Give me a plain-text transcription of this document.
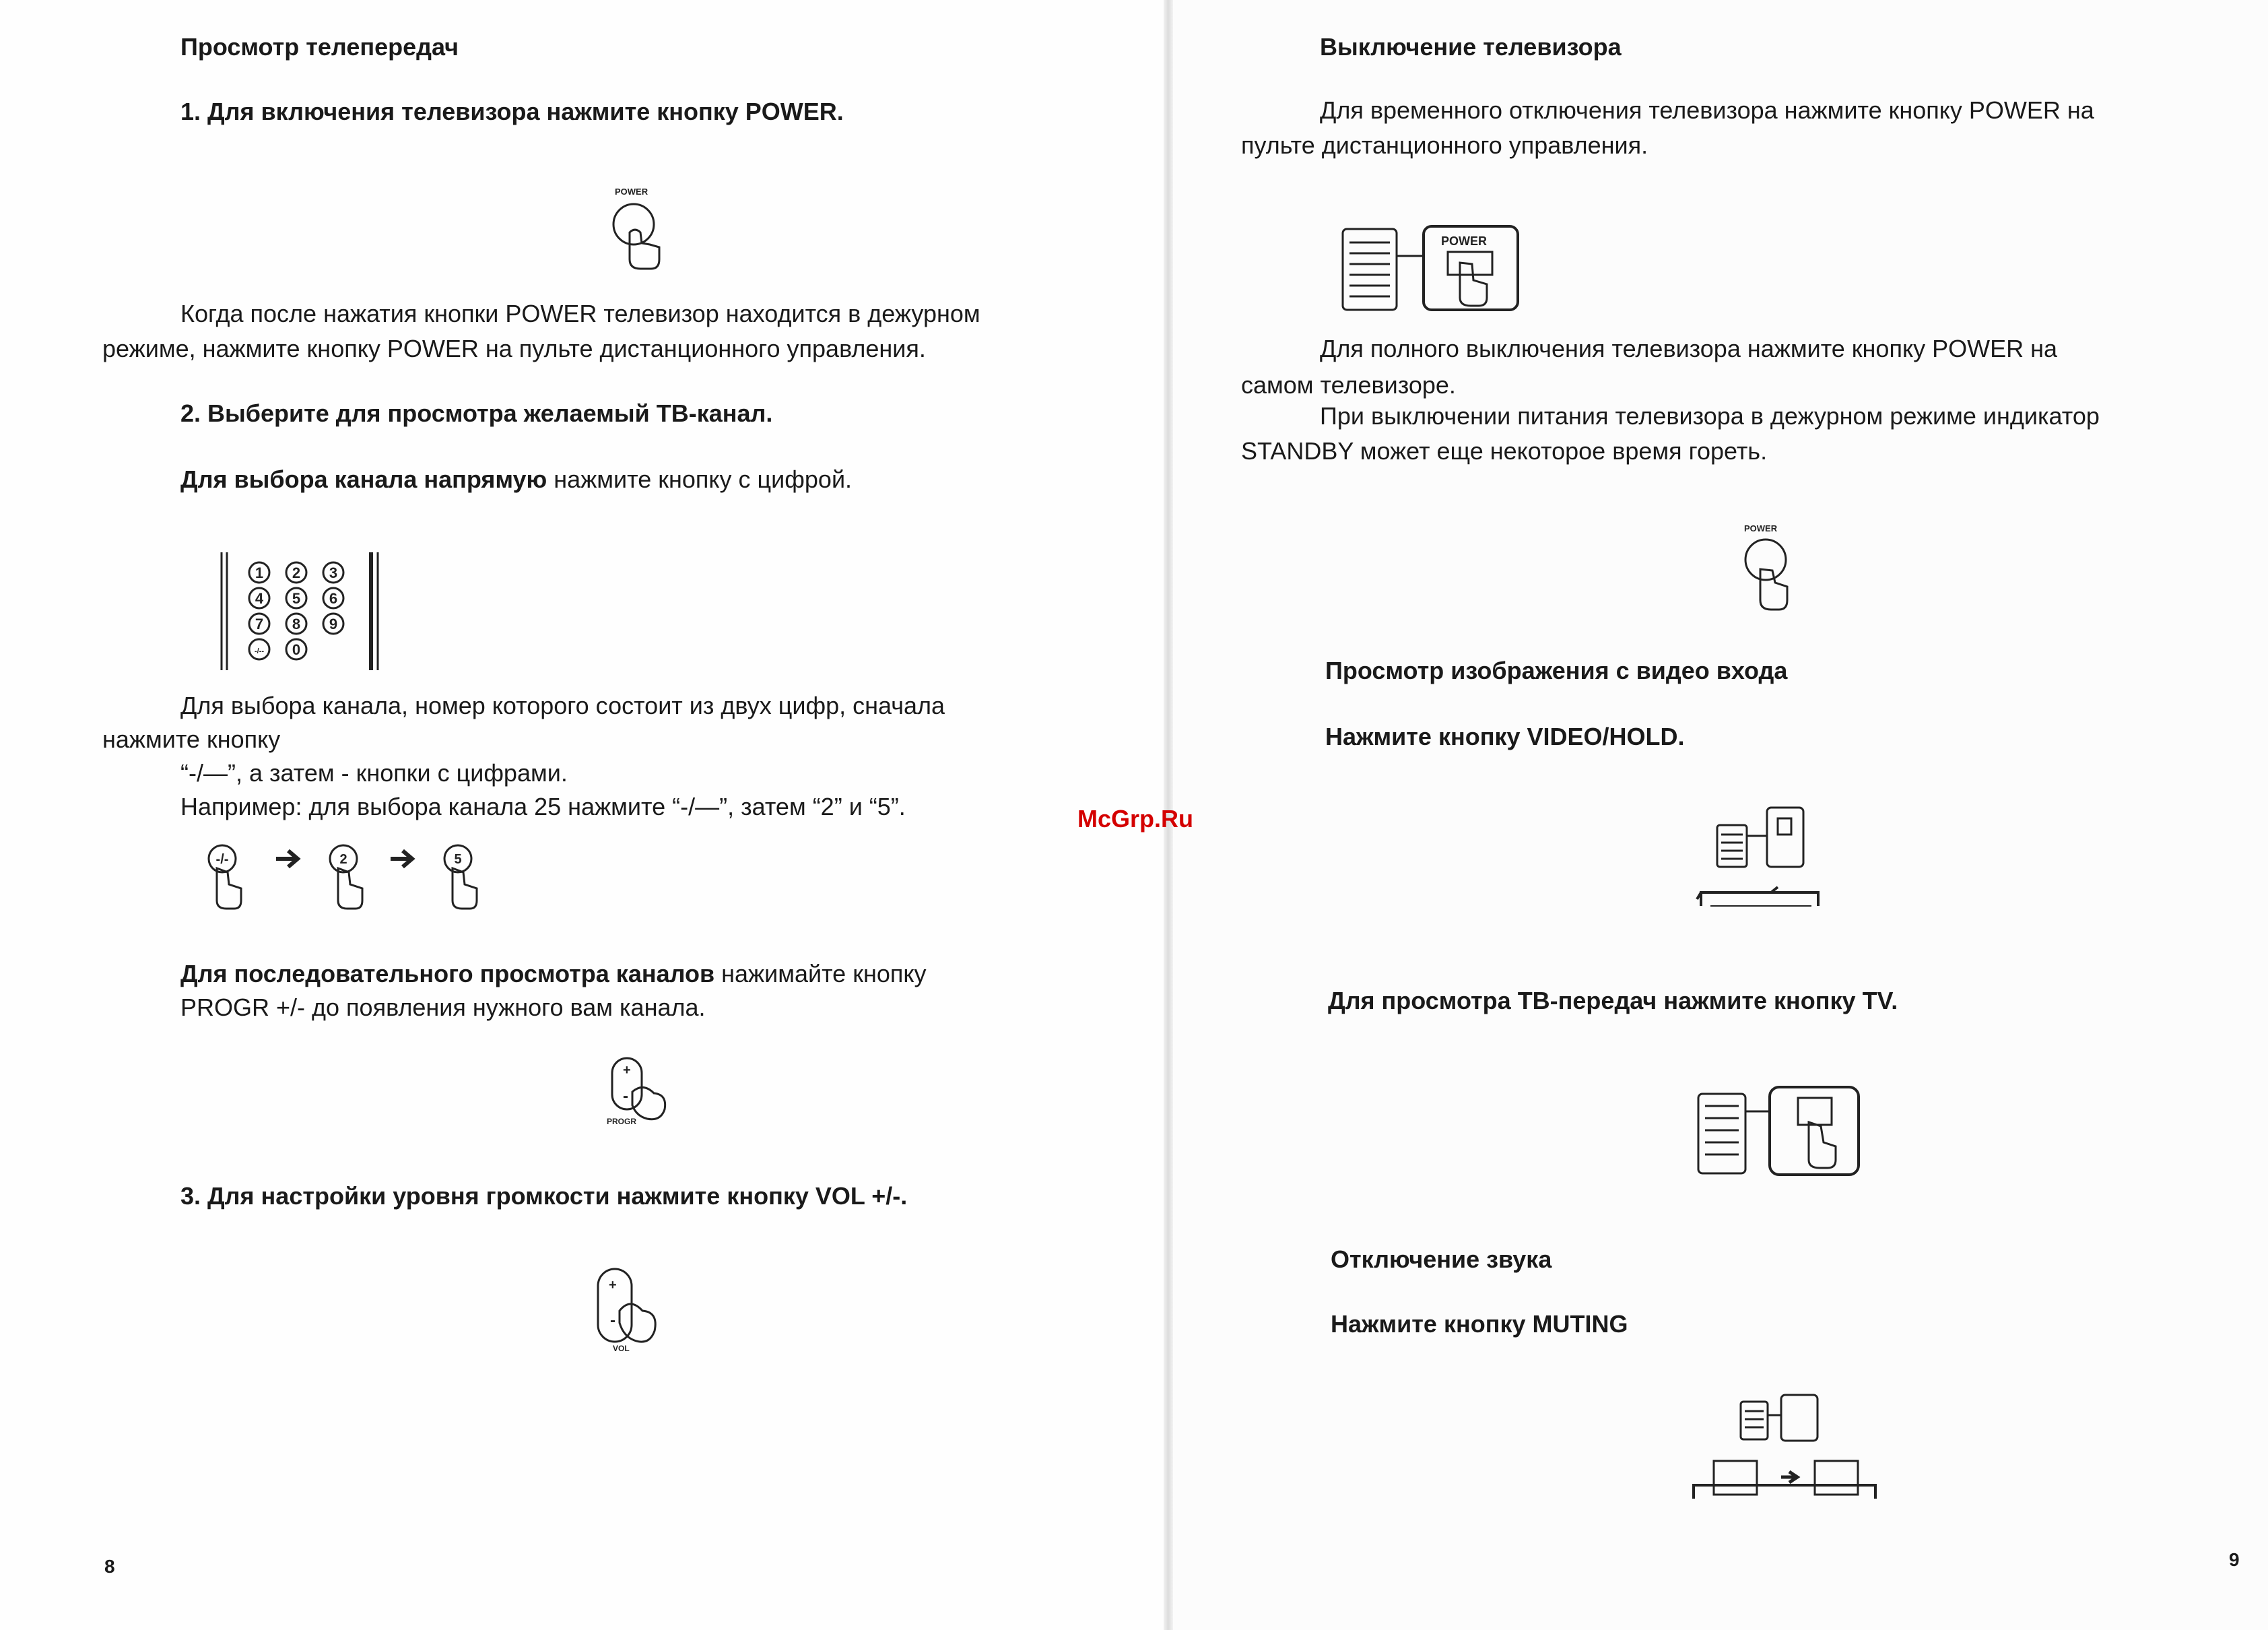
Просмотр телепередач
1. Для включения телевизора нажмите кнопку POWER.
POWER
Когда после нажатия кнопки POWER телевизор находится в дежурном
режиме, нажмите кнопку POWER на пульте дистанционного управления.
2. Выберите для просмотра желаемый ТВ-канал.
Для выбора канала напрямую нажмите кнопку с цифрой.
1 2 3
4 5 6
7 8 9
-/-- 0
Для выбора канала, номер которого состоит из двух цифр, сначала
нажмите кнопку
“-/—”, а затем - кнопки с цифрами.
Например: для выбора канала 25 нажмите “-/—”, затем “2” и “5”.
-/-	2	5
Для последовательного просмотра каналов нажимайте кнопку
PROGR +/- до появления нужного вам канала.
+
-
PROGR
3. Для настройки уровня громкости нажмите кнопку VOL +/-.
+
-
VOL
8
McGrp.Ru
Выключение телевизора
Для временного отключения телевизора нажмите кнопку POWER на
пульте дистанционного управления.
POWER
Для полного выключения телевизора нажмите кнопку POWER на
самом телевизоре.
При выключении питания телевизора в дежурном режиме индикатор
STANDBY может еще некоторое время гореть.
POWER
Просмотр изображения с видео входа
Нажмите кнопку VIDEO/HOLD.
Для просмотра ТВ-передач нажмите кнопку TV.
Отключение звука
Нажмите кнопку MUTING
9
